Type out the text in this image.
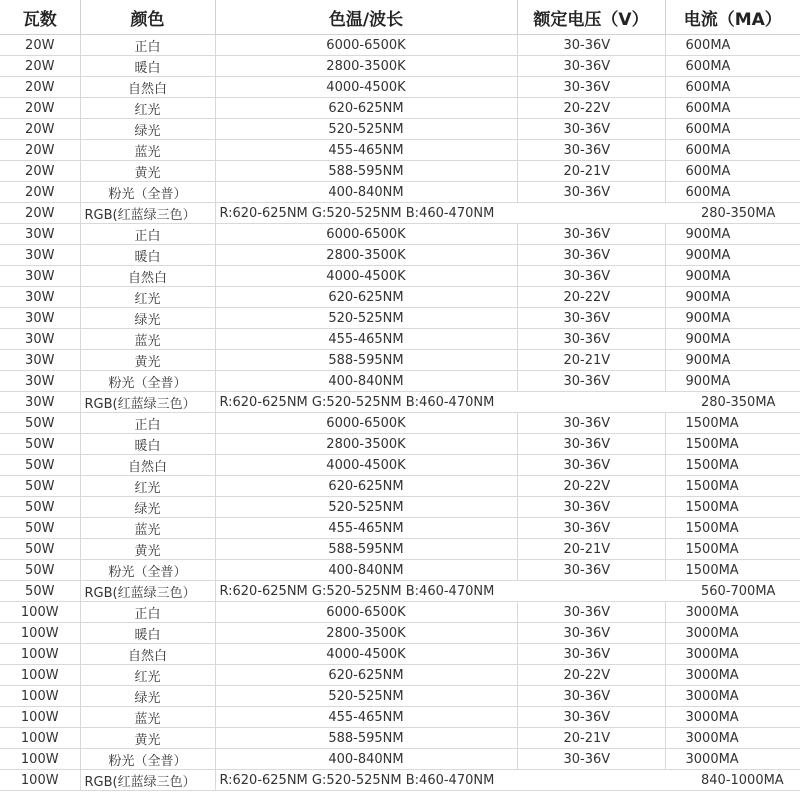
瓦数	颜色	色温/波长	额定电压（V）	电流（MA）
20W	正白	6000-6500K	30-36V	600MA
20W	暖白	2800-3500K	30-36V	600MA
20W	自然白	4000-4500K	30-36V	600MA
20W	红光	620-625NM	20-22V	600MA
20W	绿光	520-525NM	30-36V	600MA
20W	蓝光	455-465NM	30-36V	600MA
20W	黄光	588-595NM	20-21V	600MA
20W	粉光（全普）	400-840NM	30-36V	600MA
20W	RGB(红蓝绿三色）	R:620-625NM G:520-525NM B:460-470NM		280-350MA
30W	正白	6000-6500K	30-36V	900MA
30W	暖白	2800-3500K	30-36V	900MA
30W	自然白	4000-4500K	30-36V	900MA
30W	红光	620-625NM	20-22V	900MA
30W	绿光	520-525NM	30-36V	900MA
30W	蓝光	455-465NM	30-36V	900MA
30W	黄光	588-595NM	20-21V	900MA
30W	粉光（全普）	400-840NM	30-36V	900MA
30W	RGB(红蓝绿三色）	R:620-625NM G:520-525NM B:460-470NM		280-350MA
50W	正白	6000-6500K	30-36V	1500MA
50W	暖白	2800-3500K	30-36V	1500MA
50W	自然白	4000-4500K	30-36V	1500MA
50W	红光	620-625NM	20-22V	1500MA
50W	绿光	520-525NM	30-36V	1500MA
50W	蓝光	455-465NM	30-36V	1500MA
50W	黄光	588-595NM	20-21V	1500MA
50W	粉光（全普）	400-840NM	30-36V	1500MA
50W	RGB(红蓝绿三色）	R:620-625NM G:520-525NM B:460-470NM		560-700MA
100W	正白	6000-6500K	30-36V	3000MA
100W	暖白	2800-3500K	30-36V	3000MA
100W	自然白	4000-4500K	30-36V	3000MA
100W	红光	620-625NM	20-22V	3000MA
100W	绿光	520-525NM	30-36V	3000MA
100W	蓝光	455-465NM	30-36V	3000MA
100W	黄光	588-595NM	20-21V	3000MA
100W	粉光（全普）	400-840NM	30-36V	3000MA
100W	RGB(红蓝绿三色）	R:620-625NM G:520-525NM B:460-470NM		840-1000MA
